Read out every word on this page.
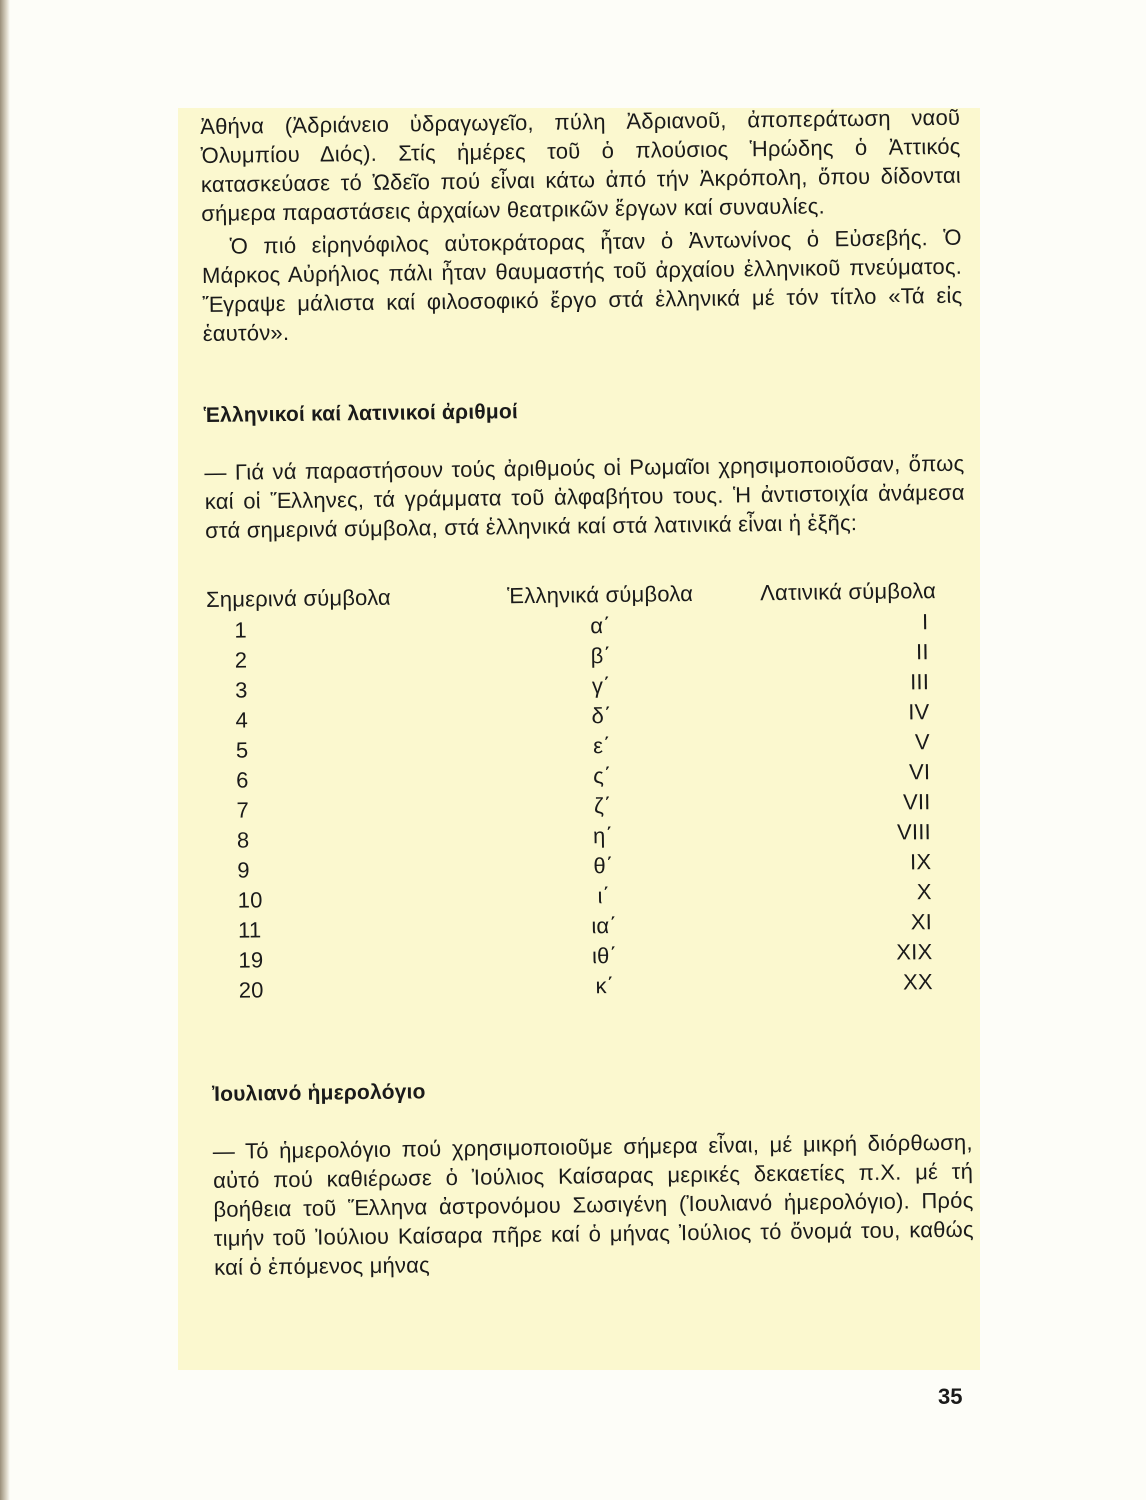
Ἀθήνα (Ἀδριάνειο ὑδραγωγεῖο, πύλη Ἀδριανοῦ, ἀποπεράτωση ναοῦ Ὀλυμπίου Διός). Στίς ἡμέρες τοῦ ὁ πλούσιος Ἡρώδης ὁ Ἀττικός κατασκεύασε τό Ὠδεῖο πού εἶναι κάτω ἀπό τήν Ἀκρόπολη, ὅπου δίδονται σήμερα παραστάσεις ἀρχαίων θεατρικῶν ἔργων καί συναυλίες.

Ὁ πιό εἰρηνόφιλος αὐτοκράτορας ἦταν ὁ Ἀντωνίνος ὁ Εὐσεβής. Ὁ Μάρκος Αὐρήλιος πάλι ἦταν θαυμαστής τοῦ ἀρχαίου ἑλληνικοῦ πνεύματος. Ἔγραψε μάλιστα καί φιλοσοφικό ἔργο στά ἑλληνικά μέ τόν τίτλο «Τά εἰς ἑαυτόν».

Ἑλληνικοί καί λατινικοί ἀριθμοί

— Γιά νά παραστήσουν τούς ἀριθμούς οἱ Ρωμαῖοι χρησιμοποιοῦσαν, ὅπως καί οἱ Ἕλληνες, τά γράμματα τοῦ ἀλφαβήτου τους. Ἡ ἀντιστοιχία ἀνάμεσα στά σημερινά σύμβολα, στά ἑλληνικά καί στά λατινικά εἶναι ἡ ἑξῆς:

Σημερινά σύμβολα	Ἑλληνικά σύμβολα	Λατινικά σύμβολα
1	α΄	I
2	β΄	II
3	γ΄	III
4	δ΄	IV
5	ε΄	V
6	ς΄	VI
7	ζ΄	VII
8	η΄	VIII
9	θ΄	IX
10	ι΄	X
11	ια΄	XI
19	ιθ΄	XIX
20	κ΄	XX
Ἰουλιανό ἡμερολόγιο

— Τό ἡμερολόγιο πού χρησιμοποιοῦμε σήμερα εἶναι, μέ μικρή διόρθωση, αὐτό πού καθιέρωσε ὁ Ἰούλιος Καίσαρας μερικές δεκαετίες π.Χ. μέ τή βοήθεια τοῦ Ἕλληνα ἀστρονόμου Σωσιγένη (Ἰουλιανό ἡμερολόγιο). Πρός τιμήν τοῦ Ἰούλιου Καίσαρα πῆρε καί ὁ μήνας Ἰούλιος τό ὄνομά του, καθώς καί ὁ ἑπόμενος μήνας

35
